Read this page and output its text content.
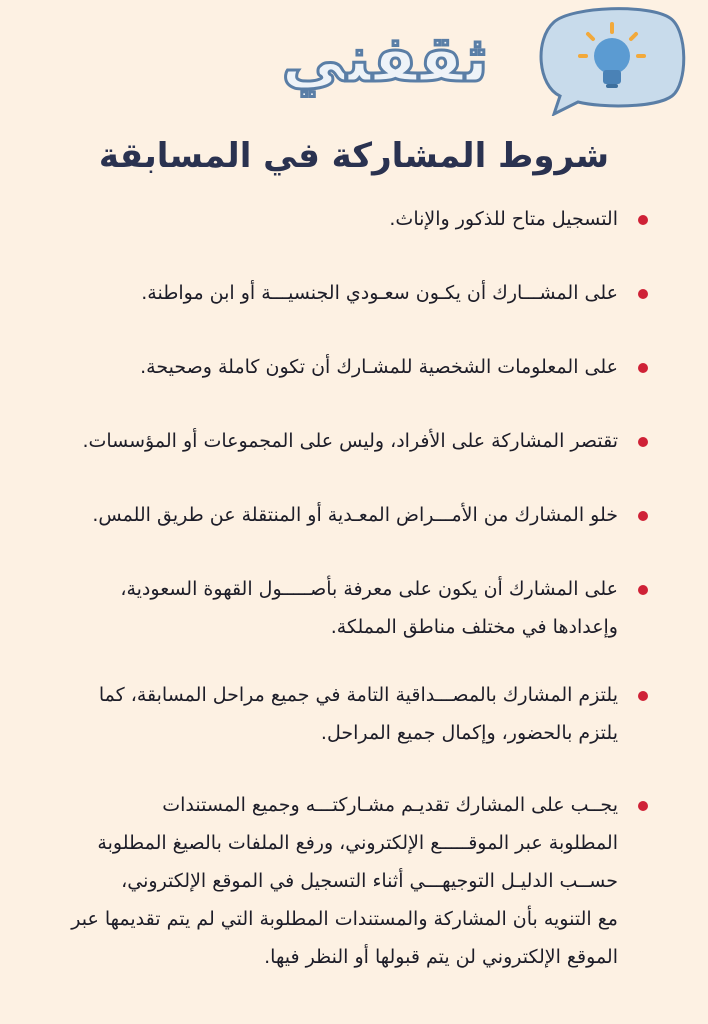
ثقفني
شروط المشاركة في المسابقة
التسجيل متاح للذكور والإناث.
على المشـــارك أن يكـون سعـودي الجنسيـــة أو ابن مواطنة.
على المعلومات الشخصية للمشـارك أن تكون كاملة وصحيحة.
تقتصر المشاركة على الأفراد، وليس على المجموعات أو المؤسسات.
خلو المشارك من الأمـــراض المعـدية أو المنتقلة عن طريق اللمس.
على المشارك أن يكون على معرفة بأصـــــول القهوة السعودية،
وإعدادها في مختلف مناطق المملكة.
يلتزم المشارك بالمصـــداقية التامة في جميع مراحل المسابقة، كما
يلتزم بالحضور، وإكمال جميع المراحل.
يجــب على المشارك تقديـم مشـاركتـــه وجميع المستندات
المطلوبة عبر الموقـــــع الإلكتروني، ورفع الملفات بالصيغ المطلوبة
حســب الدليـل التوجيهـــي أثناء التسجيل في الموقع الإلكتروني،
مع التنويه بأن المشاركة والمستندات المطلوبة التي لم يتم تقديمها عبر
الموقع الإلكتروني لن يتم قبولها أو النظر فيها.
